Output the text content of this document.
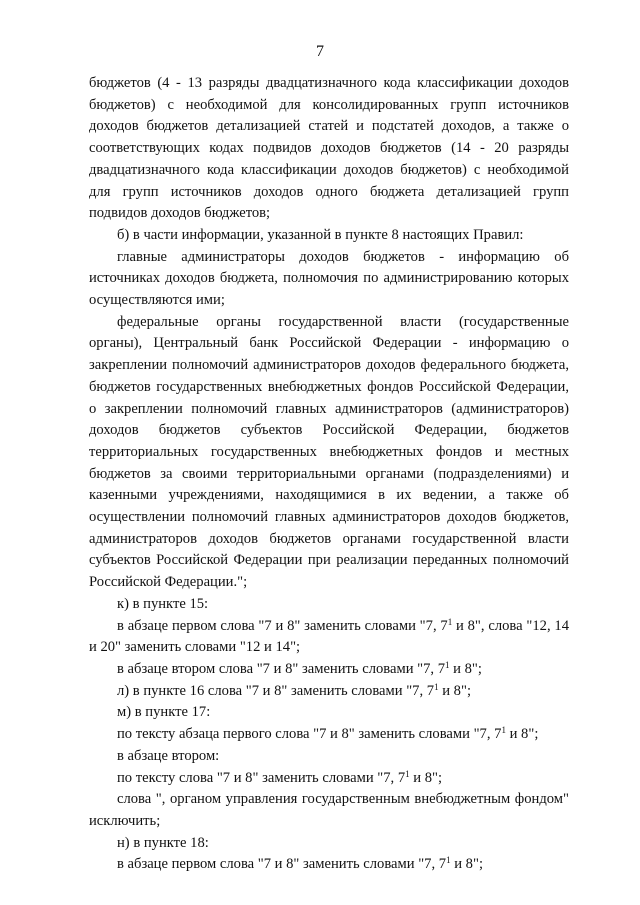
7

бюджетов (4 - 13 разряды двадцатизначного кода классификации доходов бюджетов) с необходимой для консолидированных групп источников доходов бюджетов детализацией статей и подстатей доходов, а также о соответствующих кодах подвидов доходов бюджетов (14 - 20 разряды двадцатизначного кода классификации доходов бюджетов) с необходимой для групп источников доходов одного бюджета детализацией групп подвидов доходов бюджетов;

б) в части информации, указанной в пункте 8 настоящих Правил:

главные администраторы доходов бюджетов - информацию об источниках доходов бюджета, полномочия по администрированию которых осуществляются ими;

федеральные органы государственной власти (государственные органы), Центральный банк Российской Федерации - информацию о закреплении полномочий администраторов доходов федерального бюджета, бюджетов государственных внебюджетных фондов Российской Федерации, о закреплении полномочий главных администраторов (администраторов) доходов бюджетов субъектов Российской Федерации, бюджетов территориальных государственных внебюджетных фондов и местных бюджетов за своими территориальными органами (подразделениями) и казенными учреждениями, находящимися в их ведении, а также об осуществлении полномочий главных администраторов доходов бюджетов, администраторов доходов бюджетов органами государственной власти субъектов Российской Федерации при реализации переданных полномочий Российской Федерации.";

к) в пункте 15:

в абзаце первом слова "7 и 8" заменить словами "7, $7^1$ и 8", слова "12, 14 и 20" заменить словами "12 и 14";

в абзаце втором слова "7 и 8" заменить словами "7, $7^1$ и 8";

л) в пункте 16 слова "7 и 8" заменить словами "7, $7^1$ и 8";

м) в пункте 17:

по тексту абзаца первого слова "7 и 8" заменить словами "7, $7^1$ и 8";

в абзаце втором:

по тексту слова "7 и 8" заменить словами "7, $7^1$ и 8";

слова ", органом управления государственным внебюджетным фондом" исключить;

н) в пункте 18:

в абзаце первом слова "7 и 8" заменить словами "7, $7^1$ и 8";
